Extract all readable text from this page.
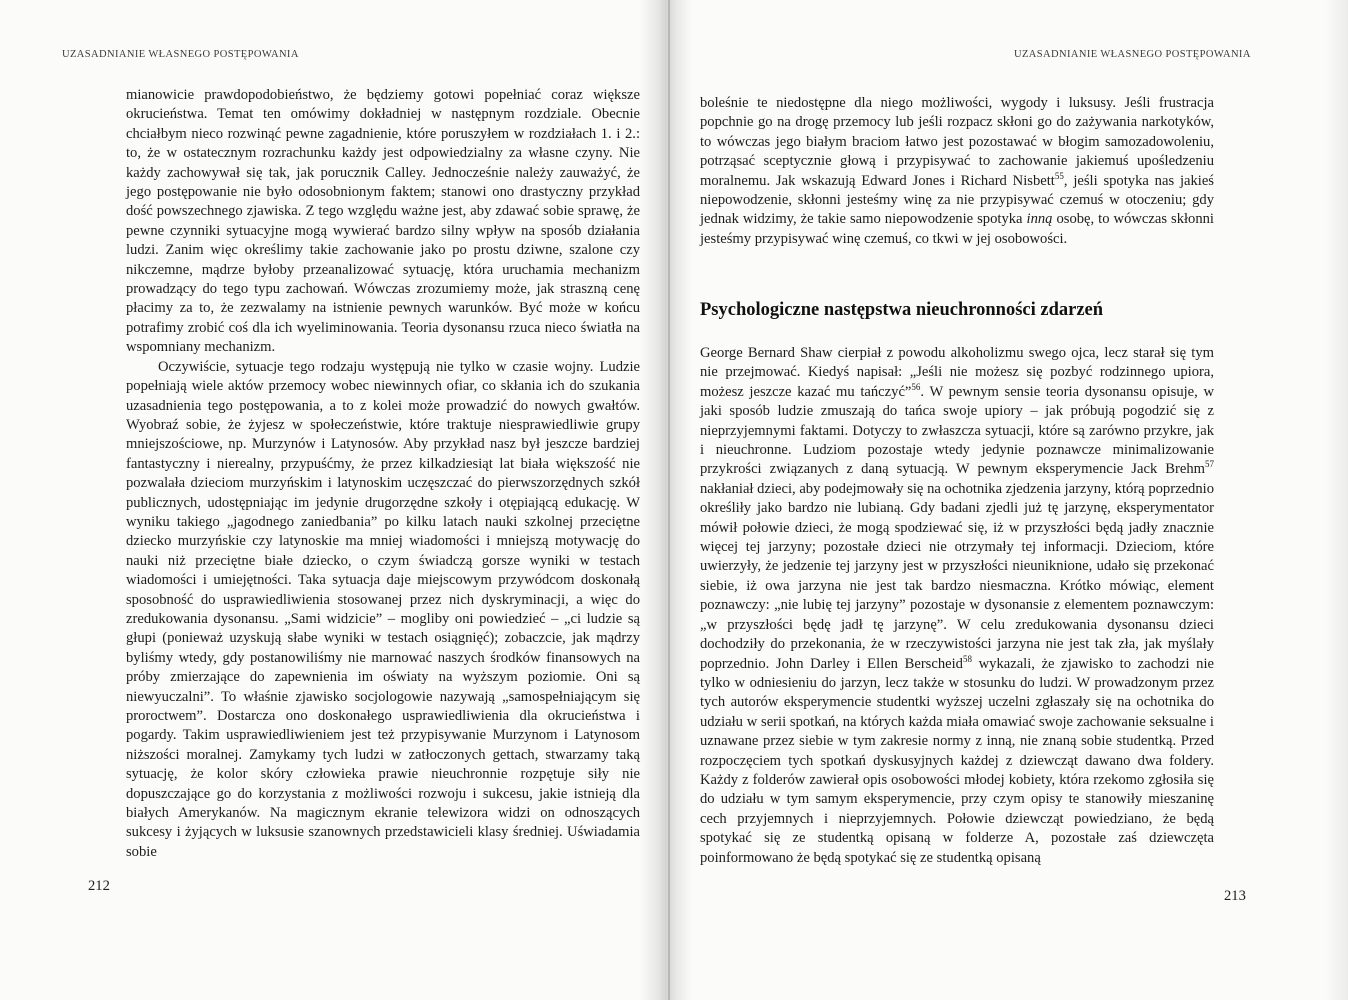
UZASADNIANIE WŁASNEGO POSTĘPOWANIA

mianowicie prawdopodobieństwo, że będziemy gotowi popełniać coraz większe okrucieństwa. Temat ten omówimy dokładniej w następnym rozdziale. Obecnie chciałbym nieco rozwinąć pewne zagadnienie, które poruszyłem w rozdziałach 1. i 2.: to, że w ostatecznym rozrachunku każdy jest odpowiedzialny za własne czyny. Nie każdy zachowywał się tak, jak porucznik Calley. Jednocześnie należy zauważyć, że jego postępowanie nie było odosobnionym faktem; stanowi ono drastyczny przykład dość powszechnego zjawiska. Z tego względu ważne jest, aby zdawać sobie sprawę, że pewne czynniki sytuacyjne mogą wywierać bardzo silny wpływ na sposób działania ludzi. Zanim więc określimy takie zachowanie jako po prostu dziwne, szalone czy nikczemne, mądrze byłoby przeanalizować sytuację, która uruchamia mechanizm prowadzący do tego typu zachowań. Wówczas zrozumiemy może, jak straszną cenę płacimy za to, że zezwalamy na istnienie pewnych warunków. Być może w końcu potrafimy zrobić coś dla ich wyeliminowania. Teoria dysonansu rzuca nieco światła na wspomniany mechanizm.

Oczywiście, sytuacje tego rodzaju występują nie tylko w czasie wojny. Ludzie popełniają wiele aktów przemocy wobec niewinnych ofiar, co skłania ich do szukania uzasadnienia tego postępowania, a to z kolei może prowadzić do nowych gwałtów. Wyobraź sobie, że żyjesz w społeczeństwie, które traktuje niesprawiedliwie grupy mniejszościowe, np. Murzynów i Latynosów. Aby przykład nasz był jeszcze bardziej fantastyczny i nierealny, przypuśćmy, że przez kilkadziesiąt lat biała większość nie pozwalała dzieciom murzyńskim i latynoskim uczęszczać do pierwszorzędnych szkół publicznych, udostępniając im jedynie drugorzędne szkoły i otępiającą edukację. W wyniku takiego „jagodnego zaniedbania” po kilku latach nauki szkolnej przeciętne dziecko murzyńskie czy latynoskie ma mniej wiadomości i mniejszą motywację do nauki niż przeciętne białe dziecko, o czym świadczą gorsze wyniki w testach wiadomości i umiejętności. Taka sytuacja daje miejscowym przywódcom doskonałą sposobność do usprawiedliwienia stosowanej przez nich dyskryminacji, a więc do zredukowania dysonansu. „Sami widzicie” – mogliby oni powiedzieć – „ci ludzie są głupi (ponieważ uzyskują słabe wyniki w testach osiągnięć); zobaczcie, jak mądrzy byliśmy wtedy, gdy postanowiliśmy nie marnować naszych środków finansowych na próby zmierzające do zapewnienia im oświaty na wyższym poziomie. Oni są niewyuczalni”. To właśnie zjawisko socjologowie nazywają „samospełniającym się proroctwem”. Dostarcza ono doskonałego usprawiedliwienia dla okrucieństwa i pogardy. Takim usprawiedliwieniem jest też przypisywanie Murzynom i Latynosom niższości moralnej. Zamykamy tych ludzi w zatłoczonych gettach, stwarzamy taką sytuację, że kolor skóry człowieka prawie nieuchronnie rozpętuje siły nie dopuszczające go do korzystania z możliwości rozwoju i sukcesu, jakie istnieją dla białych Amerykanów. Na magicznym ekranie telewizora widzi on odnoszących sukcesy i żyjących w luksusie szanownych przedstawicieli klasy średniej. Uświadamia sobie

212
UZASADNIANIE WŁASNEGO POSTĘPOWANIA

boleśnie te niedostępne dla niego możliwości, wygody i luksusy. Jeśli frustracja popchnie go na drogę przemocy lub jeśli rozpacz skłoni go do zażywania narkotyków, to wówczas jego białym braciom łatwo jest pozostawać w błogim samozadowoleniu, potrząsać sceptycznie głową i przypisywać to zachowanie jakiemuś upośledzeniu moralnemu. Jak wskazują Edward Jones i Richard Nisbett$^{55}$, jeśli spotyka nas jakieś niepowodzenie, skłonni jesteśmy winę za nie przypisywać czemuś w otoczeniu; gdy jednak widzimy, że takie samo niepowodzenie spotyka inną osobę, to wówczas skłonni jesteśmy przypisywać winę czemuś, co tkwi w jej osobowości.

Psychologiczne następstwa nieuchronności zdarzeń

George Bernard Shaw cierpiał z powodu alkoholizmu swego ojca, lecz starał się tym nie przejmować. Kiedyś napisał: „Jeśli nie możesz się pozbyć rodzinnego upiora, możesz jeszcze kazać mu tańczyć”$^{56}$. W pewnym sensie teoria dysonansu opisuje, w jaki sposób ludzie zmuszają do tańca swoje upiory – jak próbują pogodzić się z nieprzyjemnymi faktami. Dotyczy to zwłaszcza sytuacji, które są zarówno przykre, jak i nieuchronne. Ludziom pozostaje wtedy jedynie poznawcze minimalizowanie przykrości związanych z daną sytuacją. W pewnym eksperymencie Jack Brehm$^{57}$ nakłaniał dzieci, aby podejmowały się na ochotnika zjedzenia jarzyny, którą poprzednio określiły jako bardzo nie lubianą. Gdy badani zjedli już tę jarzynę, eksperymentator mówił połowie dzieci, że mogą spodziewać się, iż w przyszłości będą jadły znacznie więcej tej jarzyny; pozostałe dzieci nie otrzymały tej informacji. Dzieciom, które uwierzyły, że jedzenie tej jarzyny jest w przyszłości nieuniknione, udało się przekonać siebie, iż owa jarzyna nie jest tak bardzo niesmaczna. Krótko mówiąc, element poznawczy: „nie lubię tej jarzyny” pozostaje w dysonansie z elementem poznawczym: „w przyszłości będę jadł tę jarzynę”. W celu zredukowania dysonansu dzieci dochodziły do przekonania, że w rzeczywistości jarzyna nie jest tak zła, jak myślały poprzednio. John Darley i Ellen Berscheid$^{58}$ wykazali, że zjawisko to zachodzi nie tylko w odniesieniu do jarzyn, lecz także w stosunku do ludzi. W prowadzonym przez tych autorów eksperymencie studentki wyższej uczelni zgłaszały się na ochotnika do udziału w serii spotkań, na których każda miała omawiać swoje zachowanie seksualne i uznawane przez siebie w tym zakresie normy z inną, nie znaną sobie studentką. Przed rozpoczęciem tych spotkań dyskusyjnych każdej z dziewcząt dawano dwa foldery. Każdy z folderów zawierał opis osobowości młodej kobiety, która rzekomo zgłosiła się do udziału w tym samym eksperymencie, przy czym opisy te stanowiły mieszaninę cech przyjemnych i nieprzyjemnych. Połowie dziewcząt powiedziano, że będą spotykać się ze studentką opisaną w folderze A, pozostałe zaś dziewczęta poinformowano że będą spotykać się ze studentką opisaną

213
